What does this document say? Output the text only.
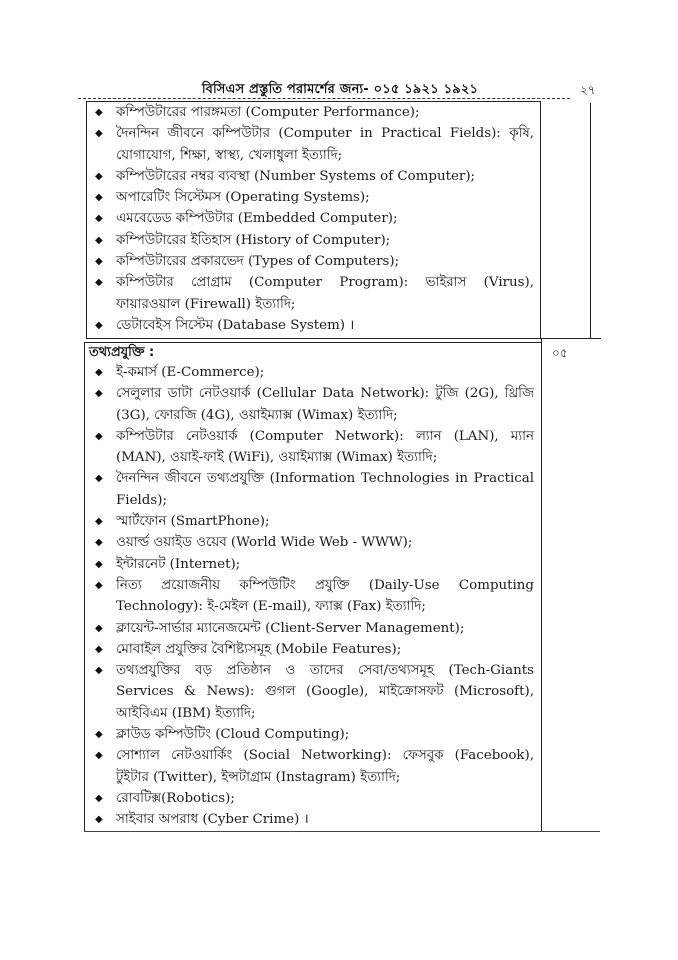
বিসিএস প্রস্তুতি পরামর্শের জন্য- ০১৫ ১৯২১ ১৯২১	২৭
◆ কম্পিউটারের পারঙ্গমতা (Computer Performance);
◆ দৈনন্দিন জীবনে কম্পিউটার (Computer in Practical Fields): কৃষি, যোগাযোগ, শিক্ষা, স্বাস্থ্য, খেলাধুলা ইত্যাদি;
◆ কম্পিউটারের নম্বর ব্যবস্থা (Number Systems of Computer);
◆ অপারেটিং সিস্টেমস (Operating Systems);
◆ এমবেডেড কম্পিউটার (Embedded Computer);
◆ কম্পিউটারের ইতিহাস (History of Computer);
◆ কম্পিউটারের প্রকারভেদ (Types of Computers);
◆ কম্পিউটার প্রোগ্রাম (Computer Program): ভাইরাস (Virus), ফায়ারওয়াল (Firewall) ইত্যাদি;
◆ ডেটাবেইস সিস্টেম (Database System) ।
তথ্যপ্রযুক্তি :	০৫
◆ ই-কমার্স (E-Commerce);
◆ সেলুলার ডাটা নেটওয়ার্ক (Cellular Data Network): টুজি (2G), থ্রিজি (3G), ফোরজি (4G), ওয়াইম্যাক্স (Wimax) ইত্যাদি;
◆ কম্পিউটার নেটওয়ার্ক (Computer Network): ল্যান (LAN), ম্যান (MAN), ওয়াই-ফাই (WiFi), ওয়াইম্যাক্স (Wimax) ইত্যাদি;
◆ দৈনন্দিন জীবনে তথ্যপ্রযুক্তি (Information Technologies in Practical Fields);
◆ স্মার্টফোন (SmartPhone);
◆ ওয়ার্ল্ড ওয়াইড ওয়েব (World Wide Web - WWW);
◆ ইন্টারনেট (Internet);
◆ নিত্য প্রয়োজনীয় কম্পিউটিং প্রযুক্তি (Daily-Use Computing Technology): ই-মেইল (E-mail), ফ্যাক্স (Fax) ইত্যাদি;
◆ ক্লায়েন্ট-সার্ভার ম্যানেজমেন্ট (Client-Server Management);
◆ মোবাইল প্রযুক্তির বৈশিষ্ট্যসমূহ (Mobile Features);
◆ তথ্যপ্রযুক্তির বড় প্রতিষ্ঠান ও তাদের সেবা/তথ্যসমূহ (Tech-Giants Services & News): গুগল (Google), মাইক্রোসফট (Microsoft), আইবিএম (IBM) ইত্যাদি;
◆ ক্লাউড কম্পিউটিং (Cloud Computing);
◆ সোশ্যাল নেটওয়ার্কিং (Social Networking): ফেসবুক (Facebook), টুইটার (Twitter), ইন্সটাগ্রাম (Instagram) ইত্যাদি;
◆ রোবটিক্স(Robotics);
◆ সাইবার অপরাধ (Cyber Crime) ।
